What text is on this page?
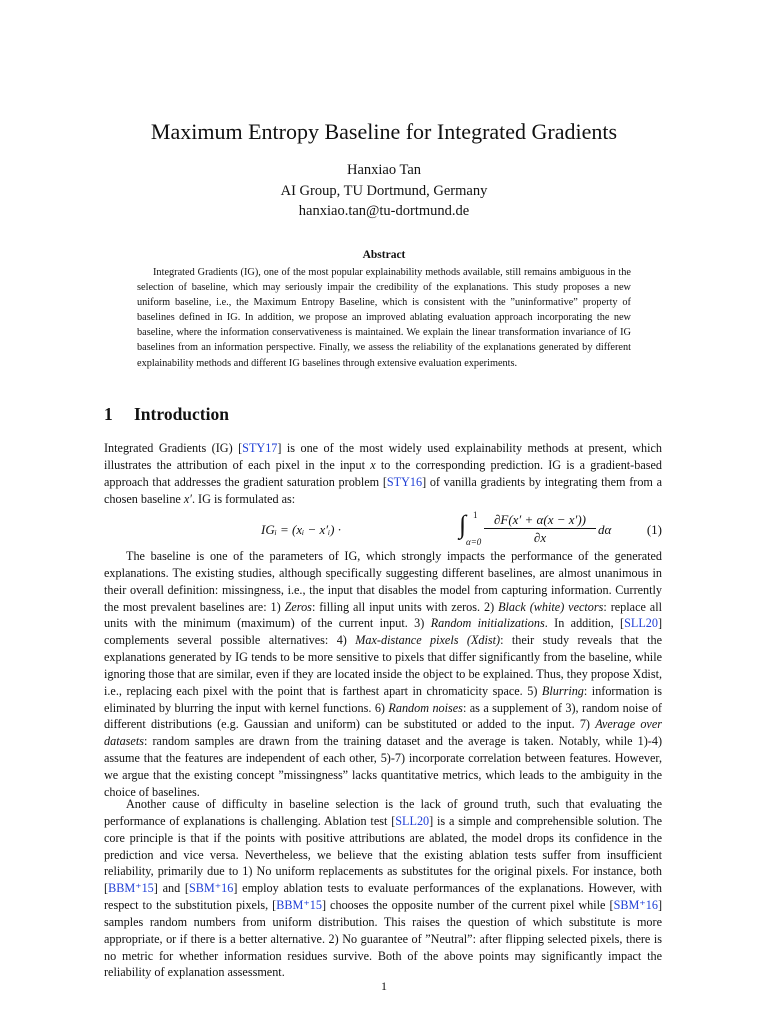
Maximum Entropy Baseline for Integrated Gradients
Hanxiao Tan
AI Group, TU Dortmund, Germany
hanxiao.tan@tu-dortmund.de
Abstract

Integrated Gradients (IG), one of the most popular explainability methods available, still remains ambiguous in the selection of baseline, which may seriously impair the credibility of the explanations. This study proposes a new uniform baseline, i.e., the Maximum Entropy Baseline, which is consistent with the ”uninformative” property of baselines defined in IG. In addition, we propose an improved ablating evaluation approach incorporating the new baseline, where the information conservativeness is maintained. We explain the linear transformation invariance of IG baselines from an information perspective. Finally, we assess the reliability of the explanations generated by different explainability methods and different IG baselines through extensive evaluation experiments.

1 Introduction

Integrated Gradients (IG) [STY17] is one of the most widely used explainability methods at present, which illustrates the attribution of each pixel in the input x to the corresponding prediction. IG is a gradient-based approach that addresses the gradient saturation problem [STY16] of vanilla gradients by integrating them from a chosen baseline x′. IG is formulated as:

IGᵢ = (xᵢ − x′ᵢ) ·	∫ 1
α=0
∂F(x′ + α(x − x′))
∂x
dα	(1)

The baseline is one of the parameters of IG, which strongly impacts the performance of the generated explanations. The existing studies, although specifically suggesting different baselines, are almost unanimous in their overall definition: missingness, i.e., the input that disables the model from capturing information. Currently the most prevalent baselines are: 1) Zeros: filling all input units with zeros. 2) Black (white) vectors: replace all units with the minimum (maximum) of the current input. 3) Random initializations. In addition, [SLL20] complements several possible alternatives: 4) Max-distance pixels (Xdist): their study reveals that the explanations generated by IG tends to be more sensitive to pixels that differ significantly from the baseline, while ignoring those that are similar, even if they are located inside the object to be explained. Thus, they propose Xdist, i.e., replacing each pixel with the point that is farthest apart in chromaticity space. 5) Blurring: information is eliminated by blurring the input with kernel functions. 6) Random noises: as a supplement of 3), random noise of different distributions (e.g. Gaussian and uniform) can be substituted or added to the input. 7) Average over datasets: random samples are drawn from the training dataset and the average is taken. Notably, while 1)-4) assume that the features are independent of each other, 5)-7) incorporate correlation between features. However, we argue that the existing concept ”missingness” lacks quantitative metrics, which leads to the ambiguity in the choice of baselines.

Another cause of difficulty in baseline selection is the lack of ground truth, such that evaluating the performance of explanations is challenging. Ablation test [SLL20] is a simple and comprehensible solution. The core principle is that if the points with positive attributions are ablated, the model drops its confidence in the prediction and vice versa. Nevertheless, we believe that the existing ablation tests suffer from insufficient reliability, primarily due to 1) No uniform replacements as substitutes for the original pixels. For instance, both [BBM⁺15] and [SBM⁺16] employ ablation tests to evaluate performances of the explanations. However, with respect to the substitution pixels, [BBM⁺15] chooses the opposite number of the current pixel while [SBM⁺16] samples random numbers from uniform distribution. This raises the question of which substitute is more appropriate, or if there is a better alternative. 2) No guarantee of ”Neutral”: after flipping selected pixels, there is no metric for whether information residues survive. Both of the above points may significantly impact the reliability of explanation assessment.

1
